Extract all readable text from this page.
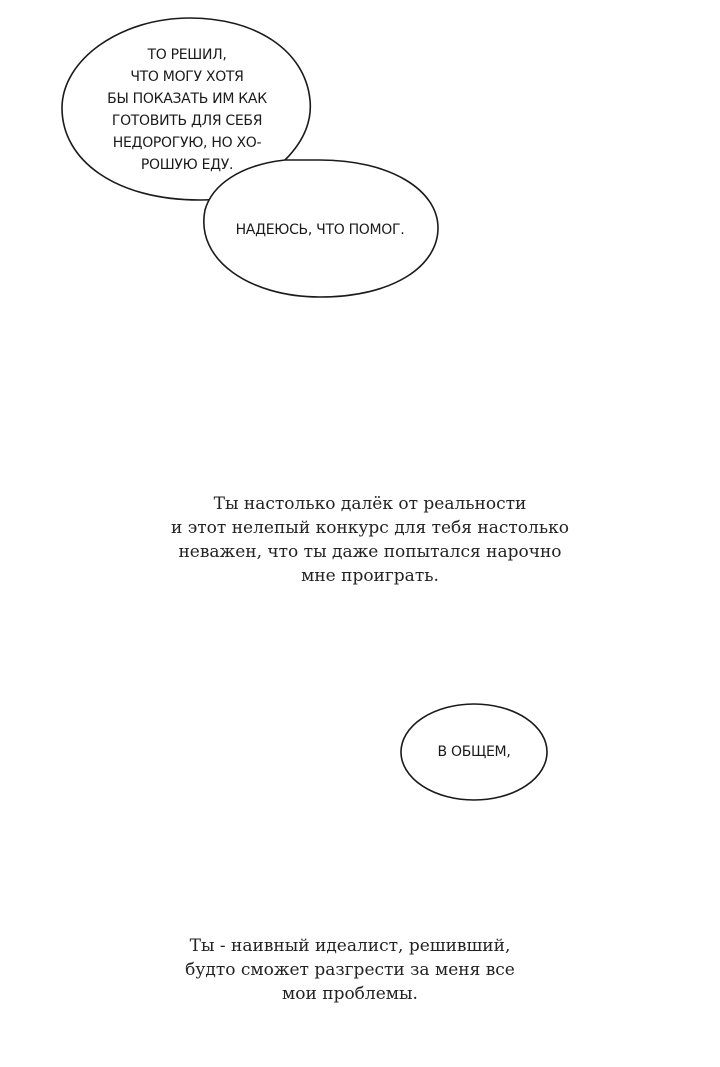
ТО РЕШИЛ,
ЧТО МОГУ ХОТЯ
БЫ ПОКАЗАТЬ ИМ КАК
ГОТОВИТЬ ДЛЯ СЕБЯ
НЕДОРОГУЮ, НО ХО-
РОШУЮ ЕДУ.
НАДЕЮСЬ, ЧТО ПОМОГ.
В ОБЩЕМ,
Ты настолько далёк от реальности
и этот нелепый конкурс для тебя настолько
неважен, что ты даже попытался нарочно
мне проиграть.
Ты - наивный идеалист, решивший,
будто сможет разгрести за меня все
мои проблемы.
